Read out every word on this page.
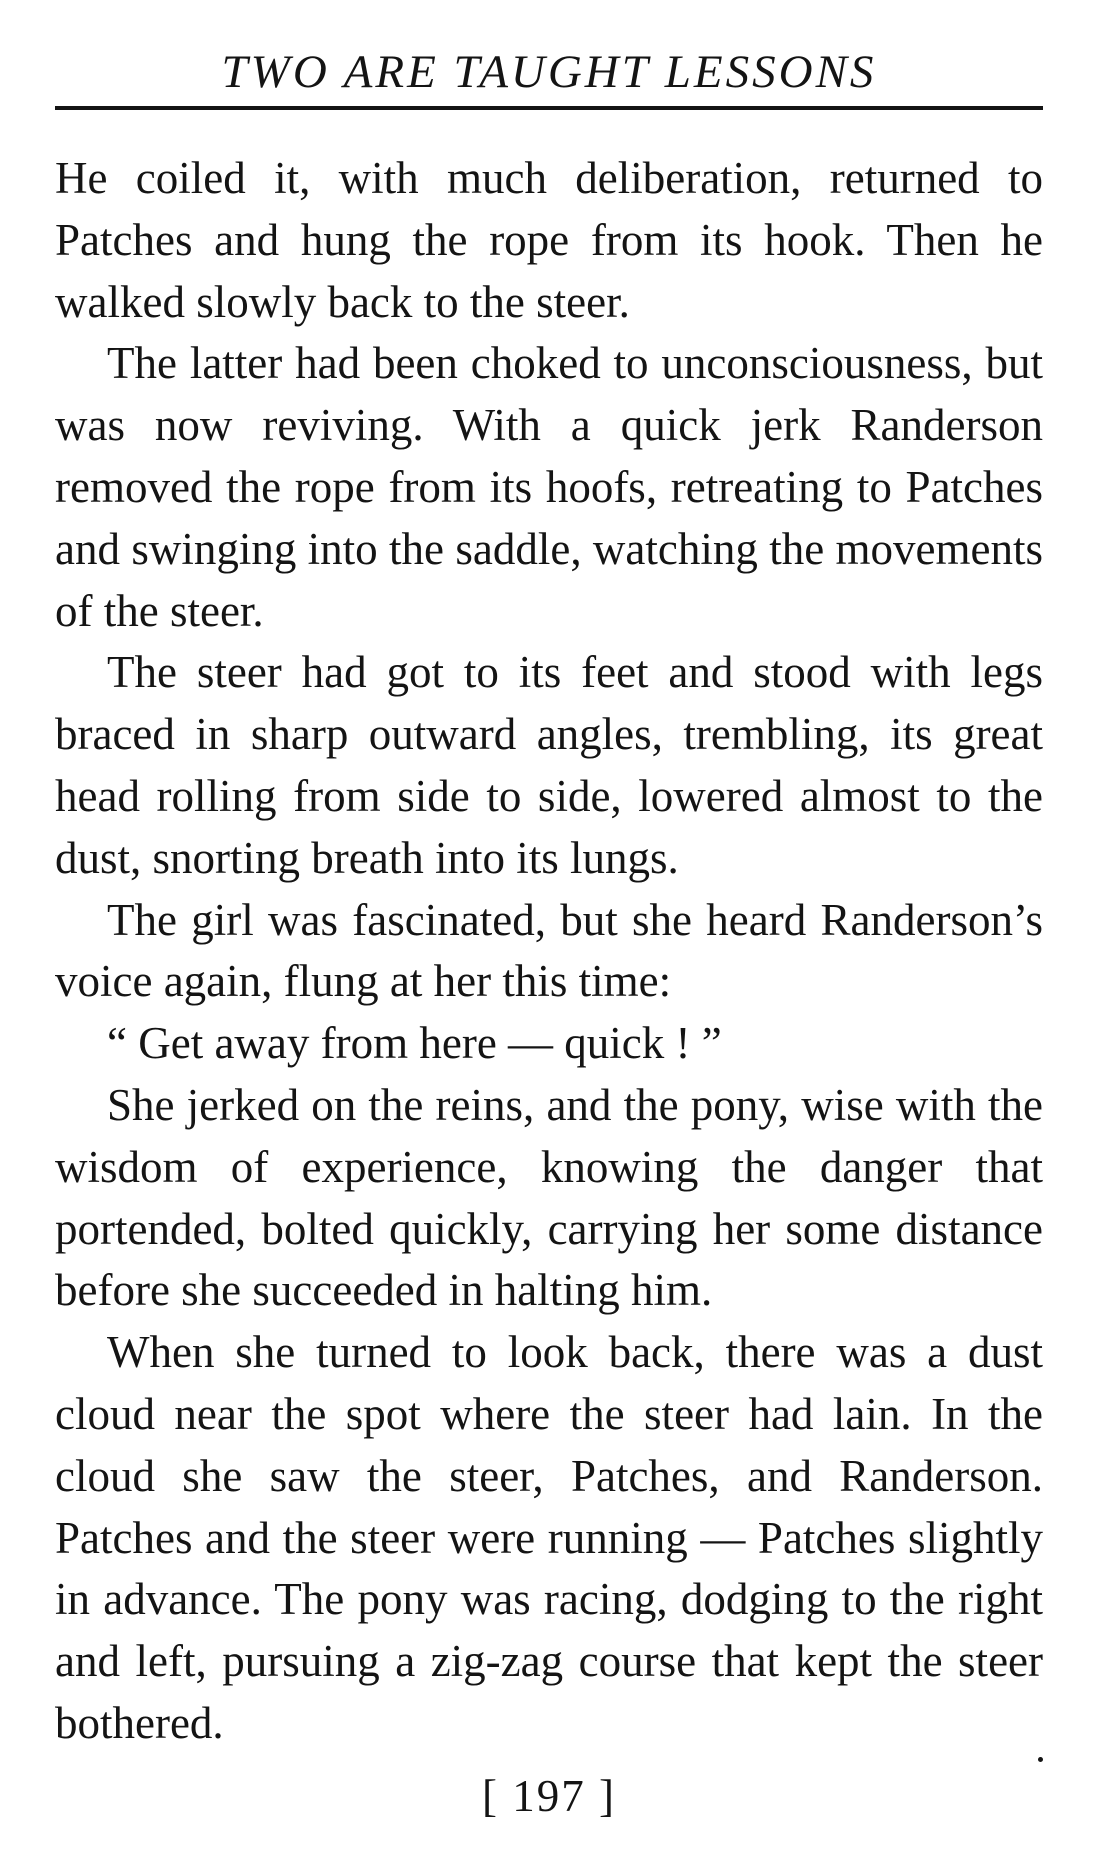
TWO ARE TAUGHT LESSONS

He coiled it, with much deliberation, returned to Patches and hung the rope from its hook. Then he walked slowly back to the steer.

The latter had been choked to unconsciousness, but was now reviving. With a quick jerk Randerson removed the rope from its hoofs, retreating to Patches and swinging into the saddle, watching the movements of the steer.

The steer had got to its feet and stood with legs braced in sharp outward angles, trembling, its great head rolling from side to side, lowered almost to the dust, snorting breath into its lungs.

The girl was fascinated, but she heard Randerson’s voice again, flung at her this time:

“ Get away from here — quick ! ”

She jerked on the reins, and the pony, wise with the wisdom of experience, knowing the danger that portended, bolted quickly, carrying her some distance before she succeeded in halting him.

When she turned to look back, there was a dust cloud near the spot where the steer had lain. In the cloud she saw the steer, Patches, and Randerson. Patches and the steer were running — Patches slightly in advance. The pony was racing, dodging to the right and left, pursuing a zig-zag course that kept the steer bothered.

[ 197 ]
